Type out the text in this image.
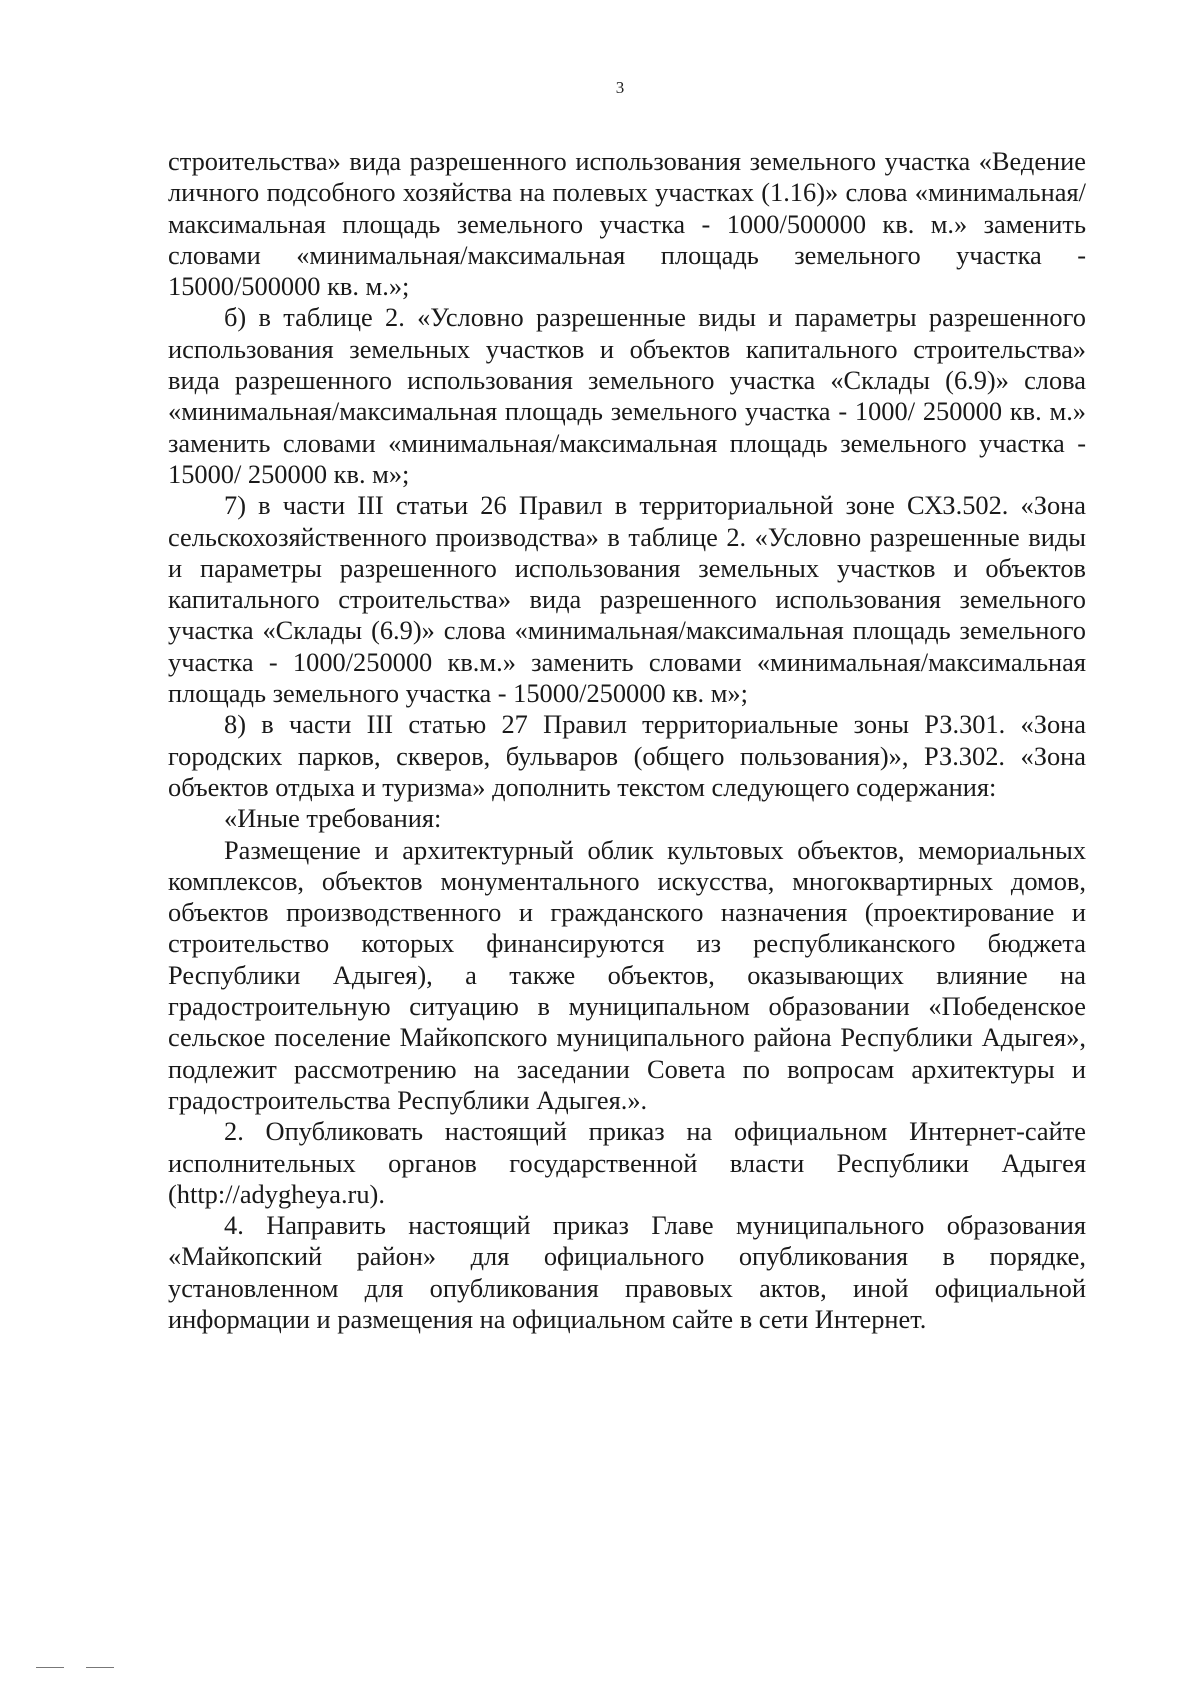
3

строительства» вида разрешенного использования земельного участка «Ведение личного подсобного хозяйства на полевых участках (1.16)» слова «минимальная/максимальная площадь земельного участка - 1000/500000 кв. м.» заменить словами «минимальная/максимальная площадь земельного участка - 15000/500000 кв. м.»;

б) в таблице 2. «Условно разрешенные виды и параметры разрешенного использования земельных участков и объектов капитального строительства» вида разрешенного использования земельного участка «Склады (6.9)» слова «минимальная/максимальная площадь земельного участка - 1000/ 250000 кв. м.» заменить словами «минимальная/максимальная площадь земельного участка - 15000/ 250000 кв. м»;

7) в части III статьи 26 Правил в территориальной зоне СХЗ.502. «Зона сельскохозяйственного производства» в таблице 2. «Условно разрешенные виды и параметры разрешенного использования земельных участков и объектов капитального строительства» вида разрешенного использования земельного участка «Склады (6.9)» слова «минимальная/максимальная площадь земельного участка - 1000/250000 кв.м.» заменить словами «минимальная/максимальная площадь земельного участка - 15000/250000 кв. м»;

8) в части III статью 27 Правил территориальные зоны РЗ.301. «Зона городских парков, скверов, бульваров (общего пользования)», РЗ.302. «Зона объектов отдыха и туризма» дополнить текстом следующего содержания:

«Иные требования:

Размещение и архитектурный облик культовых объектов, мемориальных комплексов, объектов монументального искусства, многоквартирных домов, объектов производственного и гражданского назначения (проектирование и строительство которых финансируются из республиканского бюджета Республики Адыгея), а также объектов, оказывающих влияние на градостроительную ситуацию в муниципальном образовании «Победенское сельское поселение Майкопского муниципального района Республики Адыгея», подлежит рассмотрению на заседании Совета по вопросам архитектуры и градостроительства Республики Адыгея.».

2. Опубликовать настоящий приказ на официальном Интернет-сайте исполнительных органов государственной власти Республики Адыгея (http://adygheya.ru).

4. Направить настоящий приказ Главе муниципального образования «Майкопский район» для официального опубликования в порядке, установленном для опубликования правовых актов, иной официальной информации и размещения на официальном сайте в сети Интернет.
